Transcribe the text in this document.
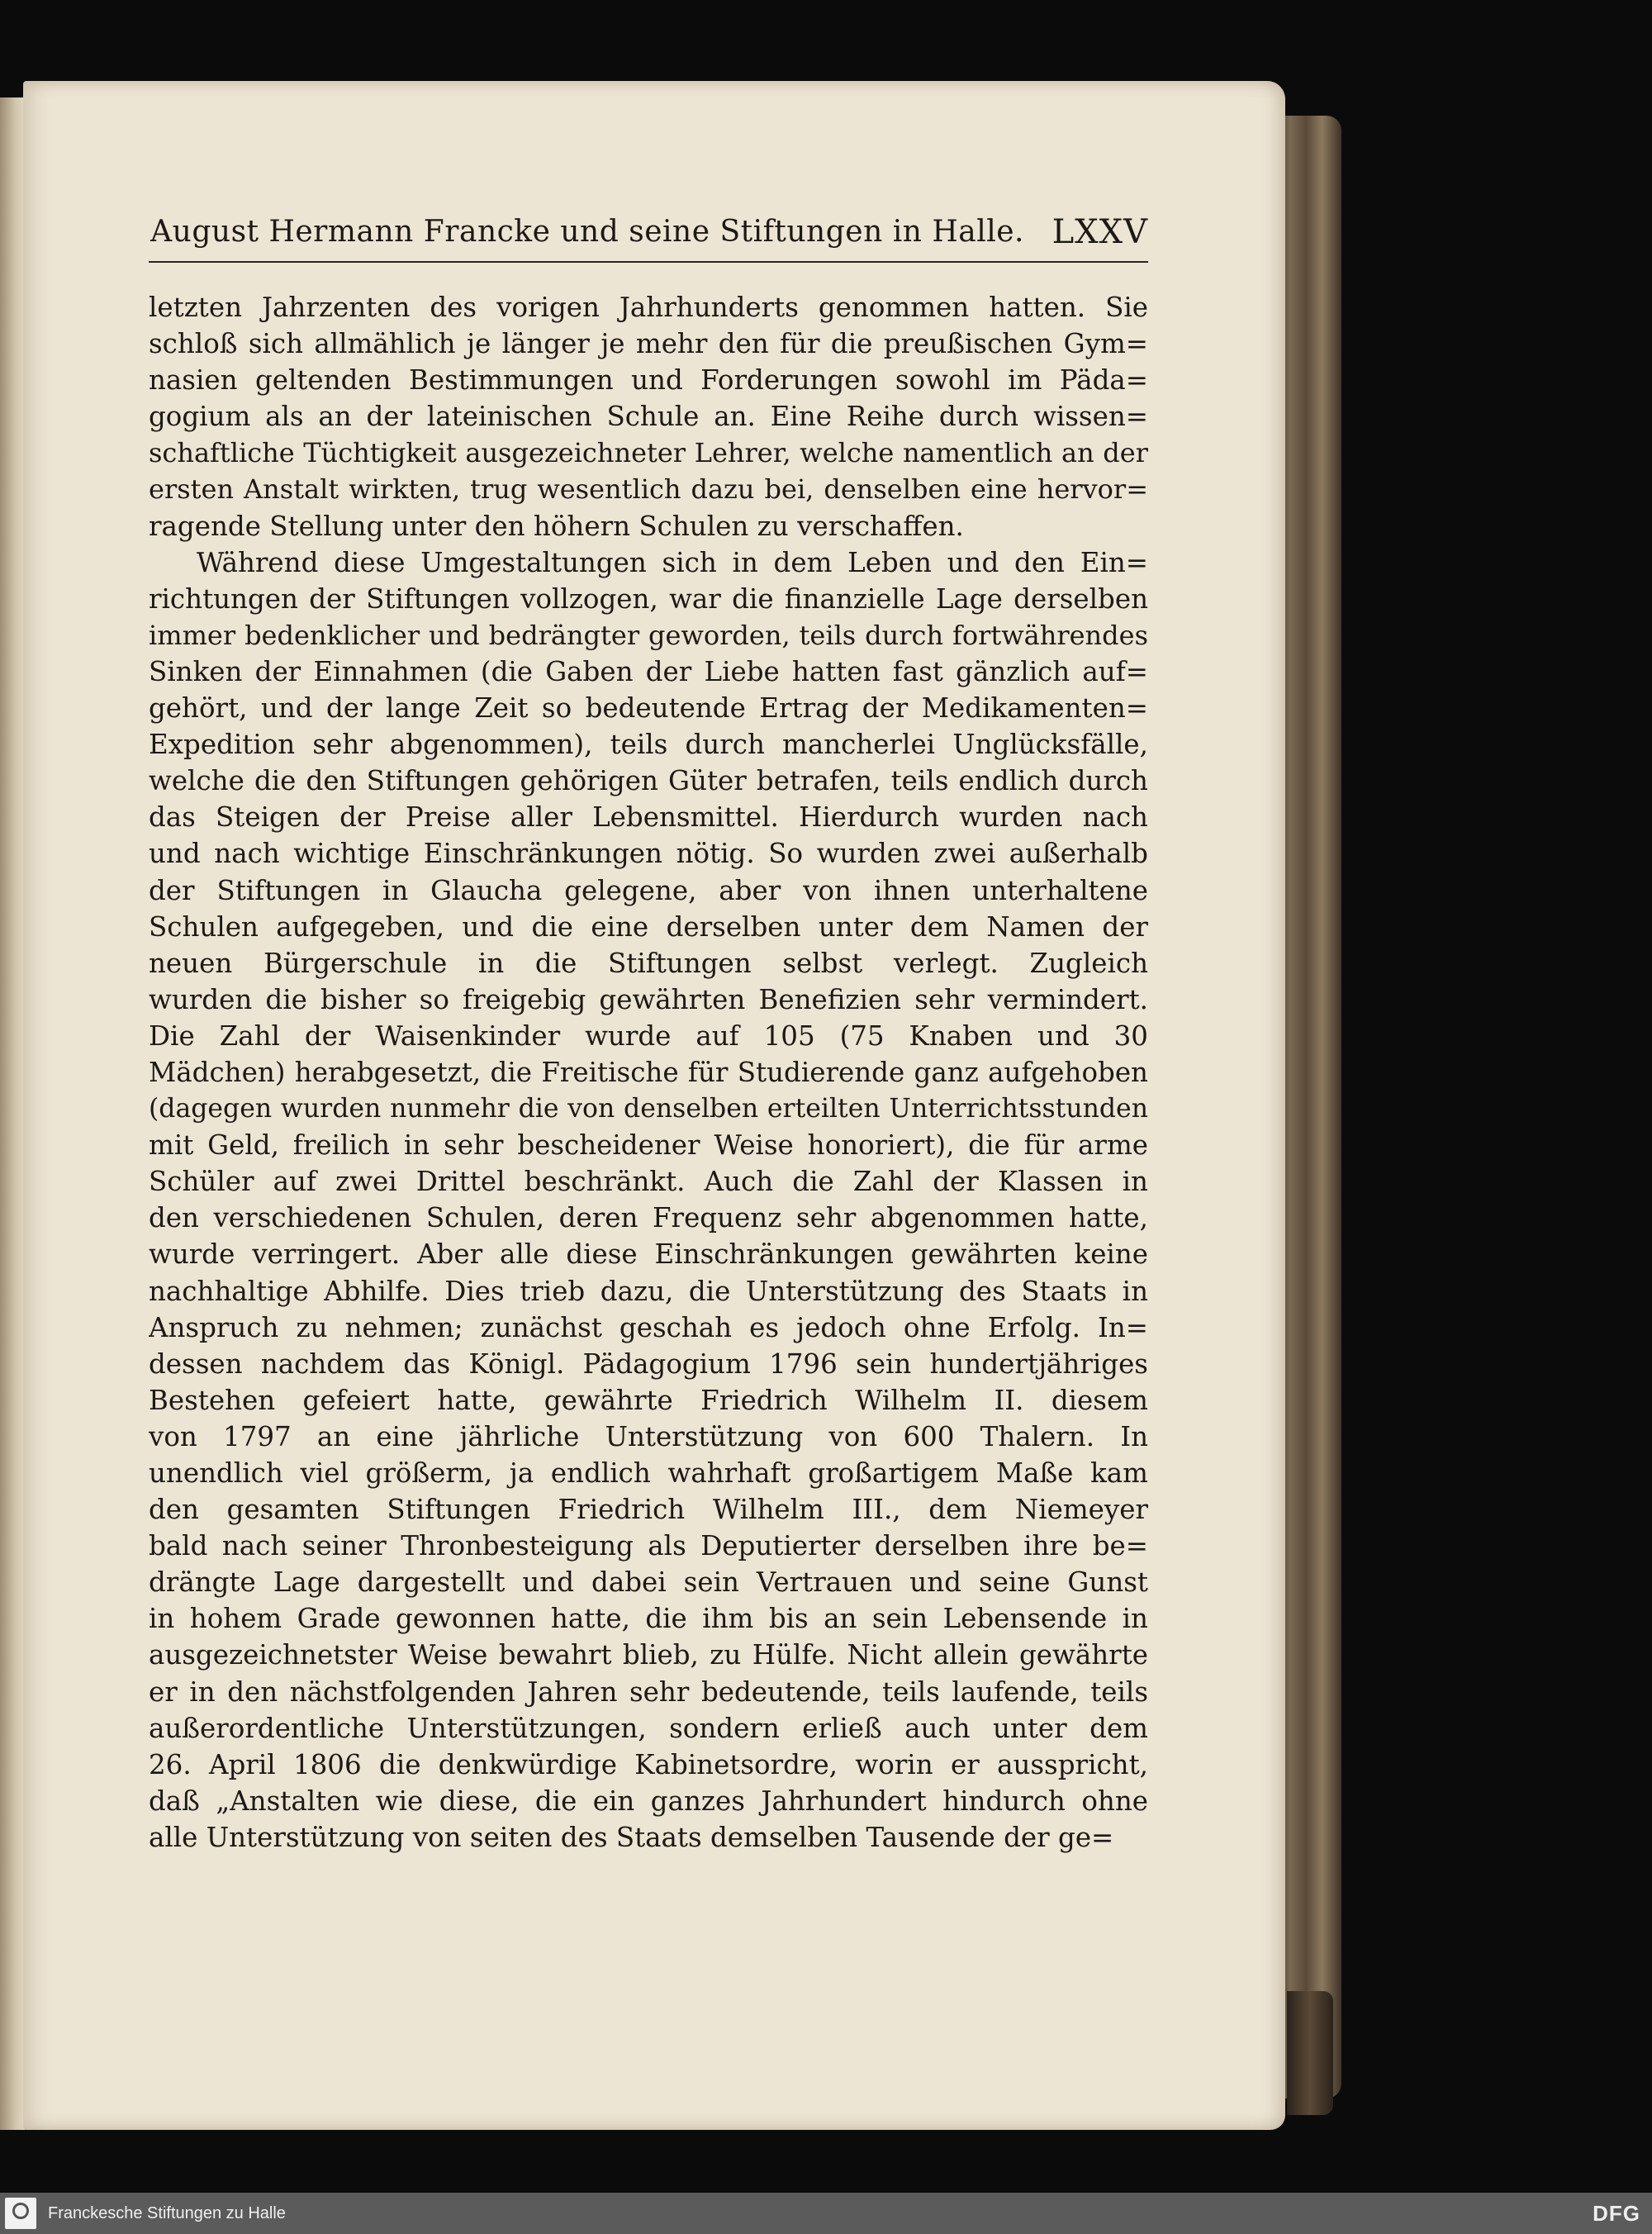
August Hermann Francke und seine Stiftungen in Halle. LXXV
letzten Jahrzenten des vorigen Jahrhunderts genommen hatten. Sie
schloß sich allmählich je länger je mehr den für die preußischen Gym=
nasien geltenden Bestimmungen und Forderungen sowohl im Päda=
gogium als an der lateinischen Schule an. Eine Reihe durch wissen=
schaftliche Tüchtigkeit ausgezeichneter Lehrer, welche namentlich an der
ersten Anstalt wirkten, trug wesentlich dazu bei, denselben eine hervor=
ragende Stellung unter den höhern Schulen zu verschaffen.
Während diese Umgestaltungen sich in dem Leben und den Ein=
richtungen der Stiftungen vollzogen, war die finanzielle Lage derselben
immer bedenklicher und bedrängter geworden, teils durch fortwährendes
Sinken der Einnahmen (die Gaben der Liebe hatten fast gänzlich auf=
gehört, und der lange Zeit so bedeutende Ertrag der Medikamenten=
Expedition sehr abgenommen), teils durch mancherlei Unglücksfälle,
welche die den Stiftungen gehörigen Güter betrafen, teils endlich durch
das Steigen der Preise aller Lebensmittel. Hierdurch wurden nach
und nach wichtige Einschränkungen nötig. So wurden zwei außerhalb
der Stiftungen in Glaucha gelegene, aber von ihnen unterhaltene
Schulen aufgegeben, und die eine derselben unter dem Namen der
neuen Bürgerschule in die Stiftungen selbst verlegt. Zugleich
wurden die bisher so freigebig gewährten Benefizien sehr vermindert.
Die Zahl der Waisenkinder wurde auf 105 (75 Knaben und 30
Mädchen) herabgesetzt, die Freitische für Studierende ganz aufgehoben
(dagegen wurden nunmehr die von denselben erteilten Unterrichtsstunden
mit Geld, freilich in sehr bescheidener Weise honoriert), die für arme
Schüler auf zwei Drittel beschränkt. Auch die Zahl der Klassen in
den verschiedenen Schulen, deren Frequenz sehr abgenommen hatte,
wurde verringert. Aber alle diese Einschränkungen gewährten keine
nachhaltige Abhilfe. Dies trieb dazu, die Unterstützung des Staats in
Anspruch zu nehmen; zunächst geschah es jedoch ohne Erfolg. In=
dessen nachdem das Königl. Pädagogium 1796 sein hundertjähriges
Bestehen gefeiert hatte, gewährte Friedrich Wilhelm II. diesem
von 1797 an eine jährliche Unterstützung von 600 Thalern. In
unendlich viel größerm, ja endlich wahrhaft großartigem Maße kam
den gesamten Stiftungen Friedrich Wilhelm III., dem Niemeyer
bald nach seiner Thronbesteigung als Deputierter derselben ihre be=
drängte Lage dargestellt und dabei sein Vertrauen und seine Gunst
in hohem Grade gewonnen hatte, die ihm bis an sein Lebensende in
ausgezeichnetster Weise bewahrt blieb, zu Hülfe. Nicht allein gewährte
er in den nächstfolgenden Jahren sehr bedeutende, teils laufende, teils
außerordentliche Unterstützungen, sondern erließ auch unter dem
26. April 1806 die denkwürdige Kabinetsordre, worin er ausspricht,
daß „Anstalten wie diese, die ein ganzes Jahrhundert hindurch ohne
alle Unterstützung von seiten des Staats demselben Tausende der ge=
Franckesche Stiftungen zu Halle	DFG
